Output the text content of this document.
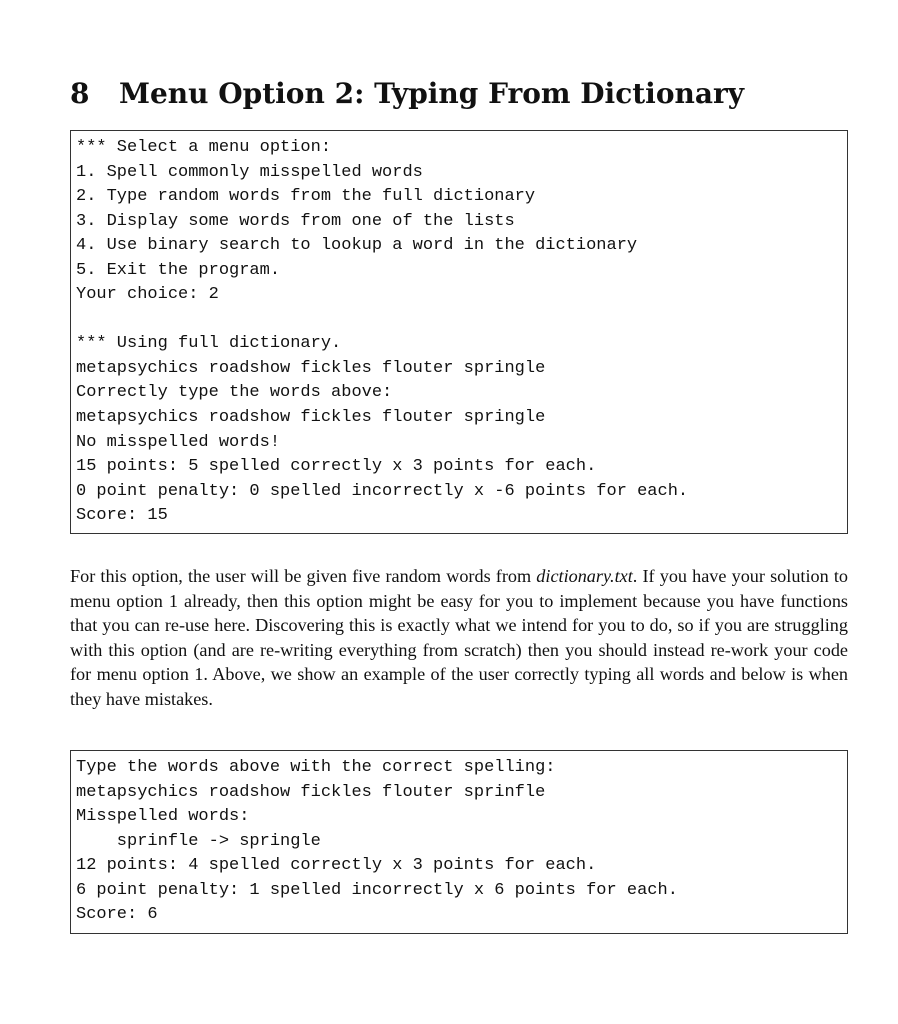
8 Menu Option 2: Typing From Dictionary
*** Select a menu option:
1. Spell commonly misspelled words
2. Type random words from the full dictionary
3. Display some words from one of the lists
4. Use binary search to lookup a word in the dictionary
5. Exit the program.
Your choice: 2
*** Using full dictionary.
metapsychics roadshow fickles flouter springle
Correctly type the words above:
metapsychics roadshow fickles flouter springle
No misspelled words!
15 points: 5 spelled correctly x 3 points for each.
0 point penalty: 0 spelled incorrectly x -6 points for each.
Score: 15

For this option, the user will be given five random words from dictionary.txt. If you have your solution to menu option 1 already, then this option might be easy for you to implement because you have functions that you can re-use here. Discovering this is exactly what we intend for you to do, so if you are struggling with this option (and are re-writing everything from scratch) then you should instead re-work your code for menu option 1. Above, we show an example of the user correctly typing all words and below is when they have mistakes.

Type the words above with the correct spelling:
metapsychics roadshow fickles flouter sprinfle
Misspelled words:
sprinfle -> springle
12 points: 4 spelled correctly x 3 points for each.
6 point penalty: 1 spelled incorrectly x 6 points for each.
Score: 6
